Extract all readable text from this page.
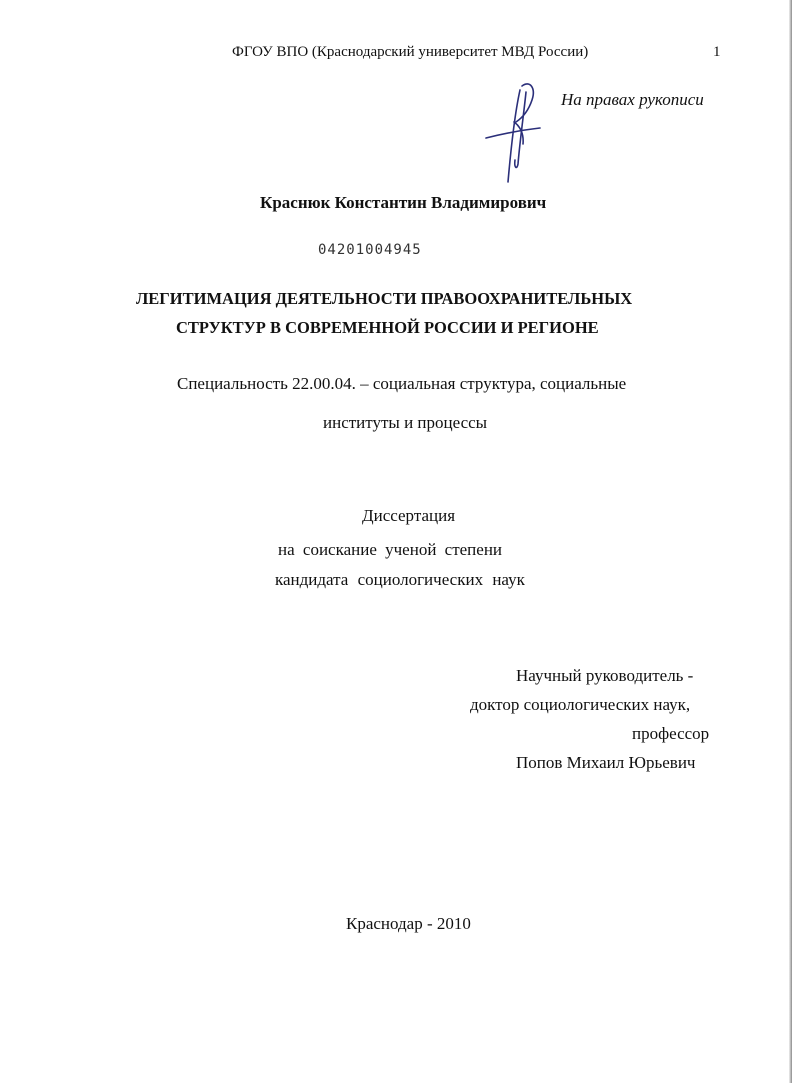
ФГОУ ВПО (Краснодарский университет МВД России)	1
На правах рукописи
Краснюк Константин Владимирович
04201004945
ЛЕГИТИМАЦИЯ ДЕЯТЕЛЬНОСТИ ПРАВООХРАНИТЕЛЬНЫХ
СТРУКТУР В СОВРЕМЕННОЙ РОССИИ И РЕГИОНЕ
Специальность 22.00.04. – социальная структура, социальные
институты и процессы
Диссертация
на соискание ученой степени
кандидата социологических наук
Научный руководитель -
доктор социологических наук,
профессор
Попов Михаил Юрьевич
Краснодар - 2010
